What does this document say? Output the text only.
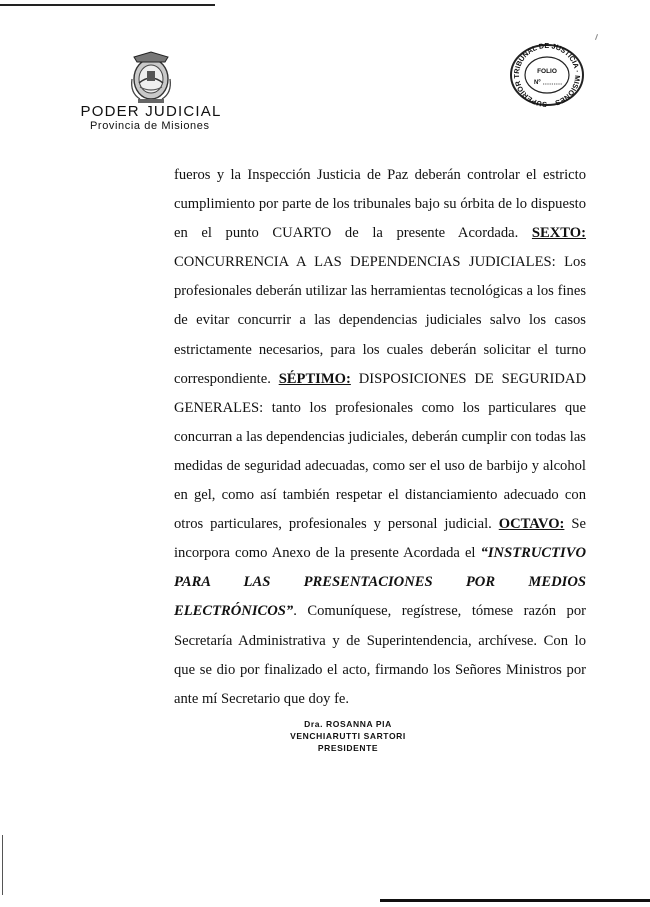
PODER JUDICIAL
Provincia de Misiones
SUPERIOR TRIBUNAL DE JUSTICIA · MISIONES
FOLIO
Nº

fueros y la Inspección Justicia de Paz deberán controlar el estricto cumplimiento por parte de los tribunales bajo su órbita de lo dispuesto en el punto CUARTO de la presente Acordada. SEXTO: CONCURRENCIA A LAS DEPENDENCIAS JUDICIALES: Los profesionales deberán utilizar las herramientas tecnológicas a los fines de evitar concurrir a las dependencias judiciales salvo los casos estrictamente necesarios, para los cuales deberán solicitar el turno correspondiente. SÉPTIMO: DISPOSICIONES DE SEGURIDAD GENERALES: tanto los profesionales como los particulares que concurran a las dependencias judiciales, deberán cumplir con todas las medidas de seguridad adecuadas, como ser el uso de barbijo y alcohol en gel, como así también respetar el distanciamiento adecuado con otros particulares, profesionales y personal judicial. OCTAVO: Se incorpora como Anexo de la presente Acordada el “INSTRUCTIVO PARA LAS PRESENTACIONES POR MEDIOS ELECTRÓNICOS”. Comuníquese, regístrese, tómese razón por Secretaría Administrativa y de Superintendencia, archívese. Con lo que se dio por finalizado el acto, firmando los Señores Ministros por ante mí Secretario que doy fe.

Dra. ROSANNA PIA
VENCHIARUTTI SARTORI
PRESIDENTE
